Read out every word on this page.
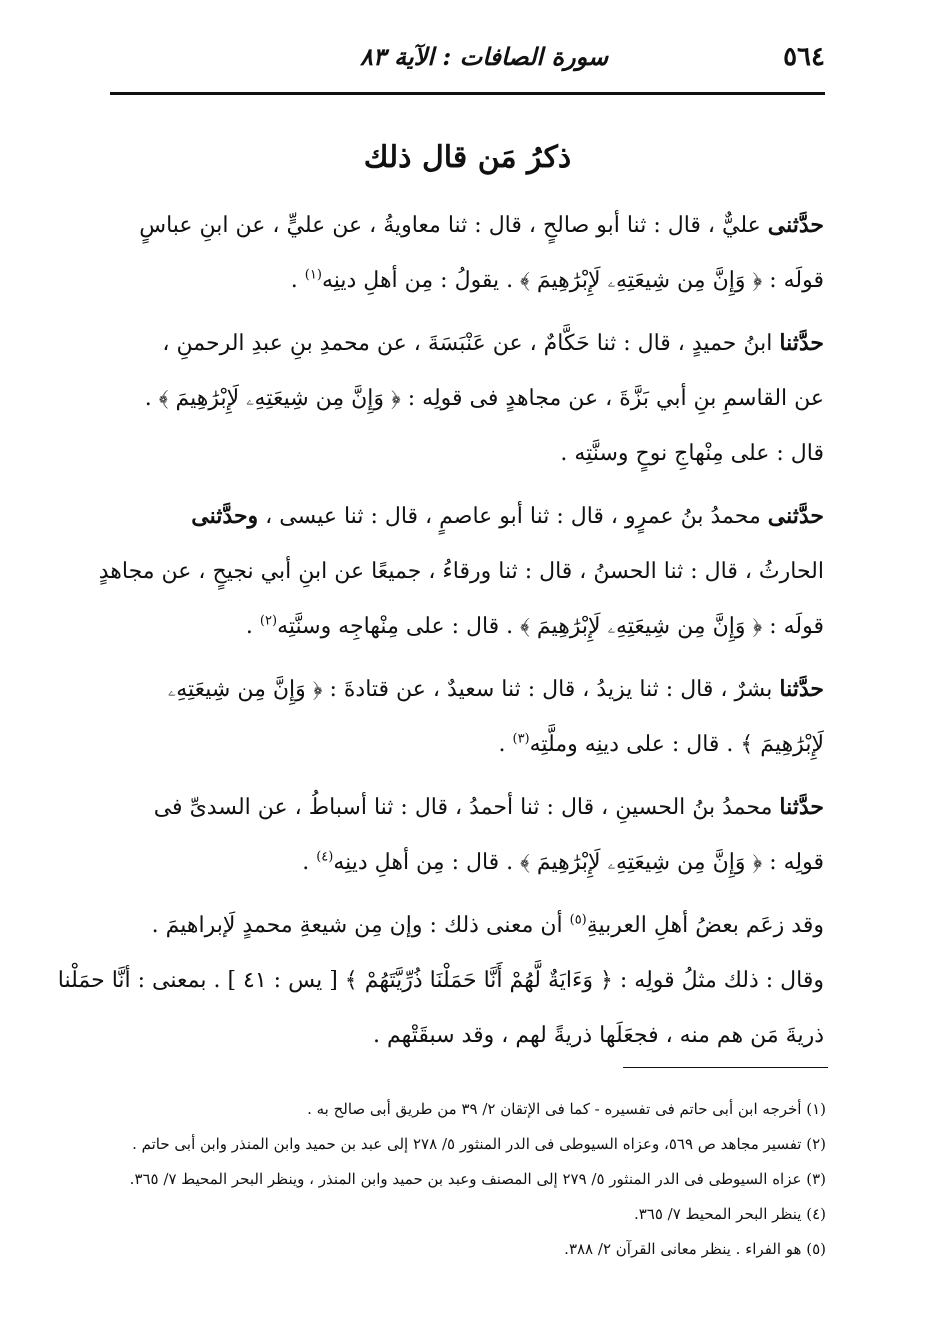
٥٦٤
سورة الصافات : الآية ٨٣
ذكرُ مَن قال ذلك
حدَّثنى عليٌّ ، قال : ثنا أبو صالحٍ ، قال : ثنا معاويةُ ، عن عليٍّ ، عن ابنِ عباسٍ
قولَه : ﴿ وَإِنَّ مِن شِيعَتِهِۦ لَإِبْرَٰهِيمَ ﴾ . يقولُ : مِن أهلِ دينِه$^{(١)}$ .
حدَّثنا ابنُ حميدٍ ، قال : ثنا حَكَّامٌ ، عن عَنْبَسَةَ ، عن محمدِ بنِ عبدِ الرحمنِ ،
عن القاسمِ بنِ أبي بَزَّةَ ، عن مجاهدٍ فى قولِه : ﴿ وَإِنَّ مِن شِيعَتِهِۦ لَإِبْرَٰهِيمَ ﴾ .
قال : على مِنْهاجِ نوحٍ وسنَّتِه .
حدَّثنى محمدُ بنُ عمرٍو ، قال : ثنا أبو عاصمٍ ، قال : ثنا عيسى ، وحدَّثنى
الحارثُ ، قال : ثنا الحسنُ ، قال : ثنا ورقاءُ ، جميعًا عن ابنِ أبي نجيحٍ ، عن مجاهدٍ
قولَه : ﴿ وَإِنَّ مِن شِيعَتِهِۦ لَإِبْرَٰهِيمَ ﴾ . قال : على مِنْهاجِه وسنَّتِه$^{(٢)}$ .
حدَّثنا بشرٌ ، قال : ثنا يزيدُ ، قال : ثنا سعيدٌ ، عن قتادةَ : ﴿ وَإِنَّ مِن شِيعَتِهِۦ
لَإِبْرَٰهِيمَ ﴾ . قال : على دينِه وملَّتِه$^{(٣)}$ .
حدَّثنا محمدُ بنُ الحسينِ ، قال : ثنا أحمدُ ، قال : ثنا أسباطُ ، عن السدىِّ فى
قولِه : ﴿ وَإِنَّ مِن شِيعَتِهِۦ لَإِبْرَٰهِيمَ ﴾ . قال : مِن أهلِ دينِه$^{(٤)}$ .
وقد زعَم بعضُ أهلِ العربيةِ$^{(٥)}$ أن معنى ذلك : وإن مِن شيعةِ محمدٍ لَإبراهيمَ .
وقال : ذلك مثلُ قولِه : ﴿ وَءَايَةٌ لَّهُمْ أَنَّا حَمَلْنَا ذُرِّيَّتَهُمْ ﴾ [ يس : ٤١ ] . بمعنى : أنَّا حمَلْنا
ذريةَ مَن هم منه ، فجعَلَها ذريةً لهم ، وقد سبقَتْهم .
(١) أخرجه ابن أبى حاتم فى تفسيره - كما فى الإتقان ٢/ ٣٩ من طريق أبى صالح به .
(٢) تفسير مجاهد ص ٥٦٩، وعزاه السيوطى فى الدر المنثور ٥/ ٢٧٨ إلى عبد بن حميد وابن المنذر وابن أبى حاتم .
(٣) عزاه السيوطى فى الدر المنثور ٥/ ٢٧٩ إلى المصنف وعبد بن حميد وابن المنذر ، وينظر البحر المحيط ٧/ ٣٦٥.
(٤) ينظر البحر المحيط ٧/ ٣٦٥.
(٥) هو الفراء . ينظر معانى القرآن ٢/ ٣٨٨.
